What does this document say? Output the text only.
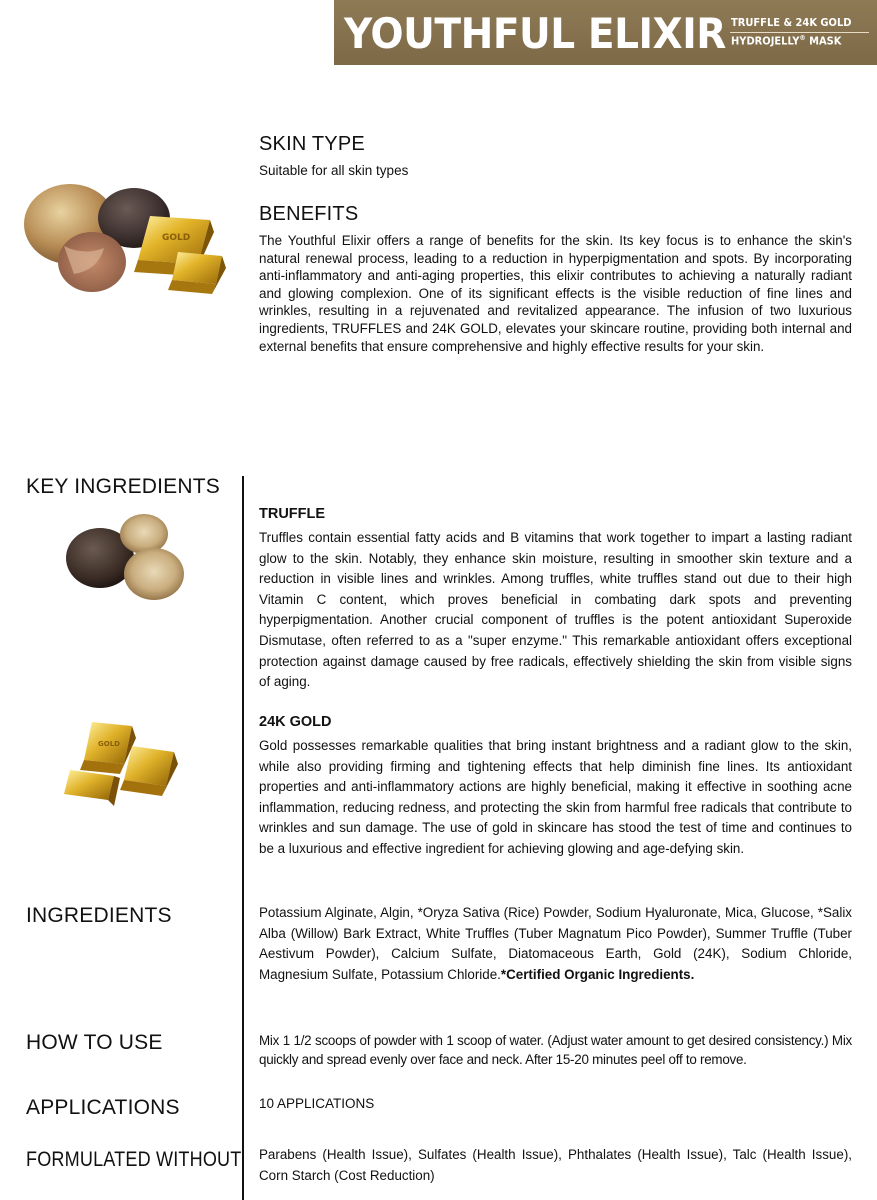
YOUTHFUL ELIXIR TRUFFLE & 24K GOLD
HYDROJELLY® MASK
GOLD
SKIN TYPE
Suitable for all skin types
BENEFITS
The Youthful Elixir offers a range of benefits for the skin. Its key focus is to enhance the skin's natural renewal process, leading to a reduction in hyperpigmentation and spots. By incorporating anti-inflammatory and anti-aging properties, this elixir contributes to achieving a naturally radiant and glowing complexion. One of its significant effects is the visible reduction of fine lines and wrinkles, resulting in a rejuvenated and revitalized appearance. The infusion of two luxurious ingredients, TRUFFLES and 24K GOLD, elevates your skincare routine, providing both internal and external benefits that ensure comprehensive and highly effective results for your skin.
KEY INGREDIENTS
TRUFFLE
Truffles contain essential fatty acids and B vitamins that work together to impart a lasting radiant glow to the skin. Notably, they enhance skin moisture, resulting in smoother skin texture and a reduction in visible lines and wrinkles. Among truffles, white truffles stand out due to their high Vitamin C content, which proves beneficial in combating dark spots and preventing hyperpigmentation. Another crucial component of truffles is the potent antioxidant Superoxide Dismutase, often referred to as a "super enzyme." This remarkable antioxidant offers exceptional protection against damage caused by free radicals, effectively shielding the skin from visible signs of aging.
GOLD
24K GOLD
Gold possesses remarkable qualities that bring instant brightness and a radiant glow to the skin, while also providing firming and tightening effects that help diminish fine lines. Its antioxidant properties and anti-inflammatory actions are highly beneficial, making it effective in soothing acne inflammation, reducing redness, and protecting the skin from harmful free radicals that contribute to wrinkles and sun damage. The use of gold in skincare has stood the test of time and continues to be a luxurious and effective ingredient for achieving glowing and age-defying skin.
INGREDIENTS	Potassium Alginate, Algin, *Oryza Sativa (Rice) Powder, Sodium Hyaluronate, Mica, Glucose, *Salix Alba (Willow) Bark Extract, White Truffles (Tuber Magnatum Pico Powder), Summer Truffle (Tuber Aestivum Powder), Calcium Sulfate, Diatomaceous Earth, Gold (24K), Sodium Chloride, Magnesium Sulfate, Potassium Chloride.*Certified Organic Ingredients.
HOW TO USE	Mix 1 1/2 scoops of powder with 1 scoop of water. (Adjust water amount to get desired consistency.) Mix quickly and spread evenly over face and neck. After 15-20 minutes peel off to remove.
APPLICATIONS	10 APPLICATIONS
FORMULATED WITHOUT Parabens (Health Issue), Sulfates (Health Issue), Phthalates (Health Issue), Talc (Health Issue), Corn Starch (Cost Reduction)
